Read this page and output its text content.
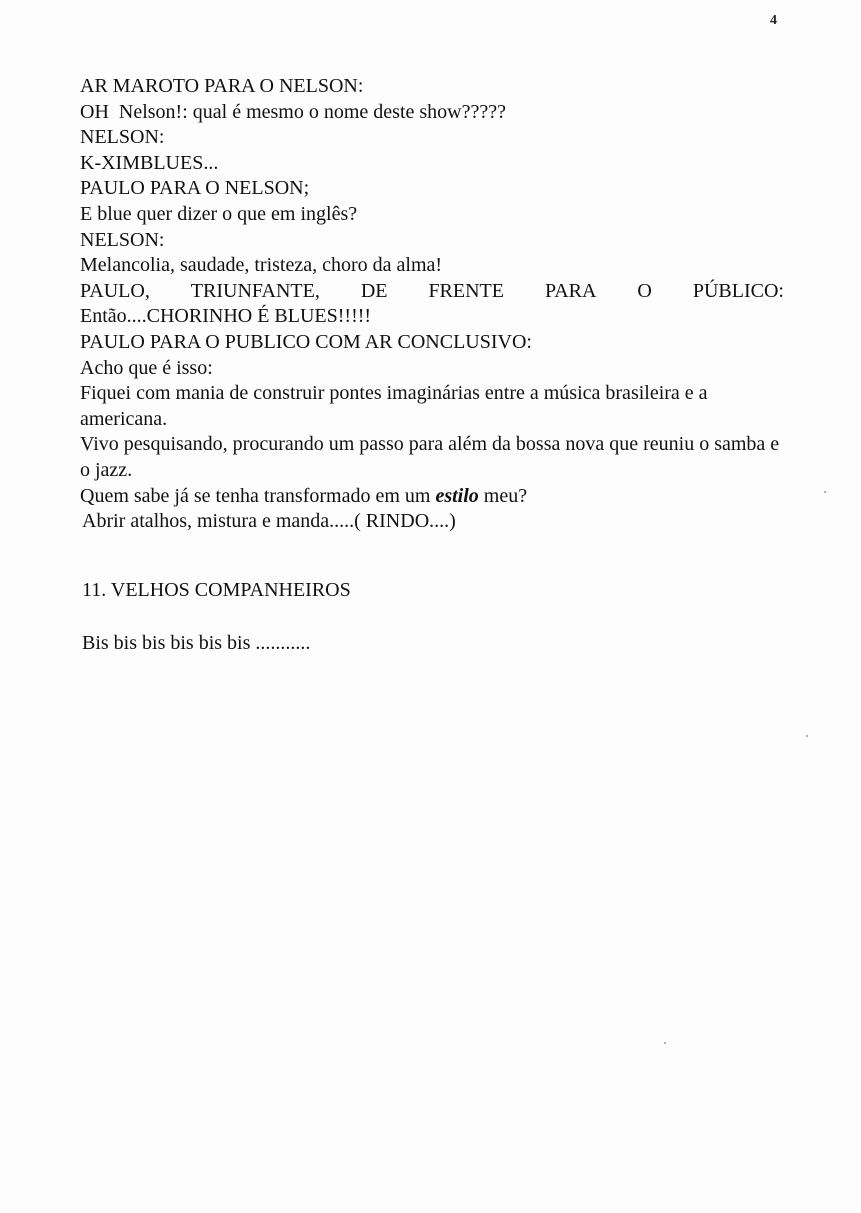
4
AR MAROTO PARA O NELSON:
OH  Nelson!: qual é mesmo o nome deste show?????
NELSON:
K-XIMBLUES...
PAULO PARA O NELSON;
E blue quer dizer o que em inglês?
NELSON:
Melancolia, saudade, tristeza, choro da alma!
PAULO, TRIUNFANTE, DE FRENTE PARA O PÚBLICO:
Então....CHORINHO É BLUES!!!!!
PAULO PARA O PUBLICO COM AR CONCLUSIVO:
Acho que é isso:
Fiquei com mania de construir pontes imaginárias entre a música brasileira e a americana.
Vivo pesquisando, procurando um passo para além da bossa nova que reuniu o samba e o jazz.
Quem sabe já se tenha transformado em um estilo meu?
Abrir atalhos, mistura e manda.....( RINDO....)
11. VELHOS COMPANHEIROS
Bis bis bis bis bis bis ...........
